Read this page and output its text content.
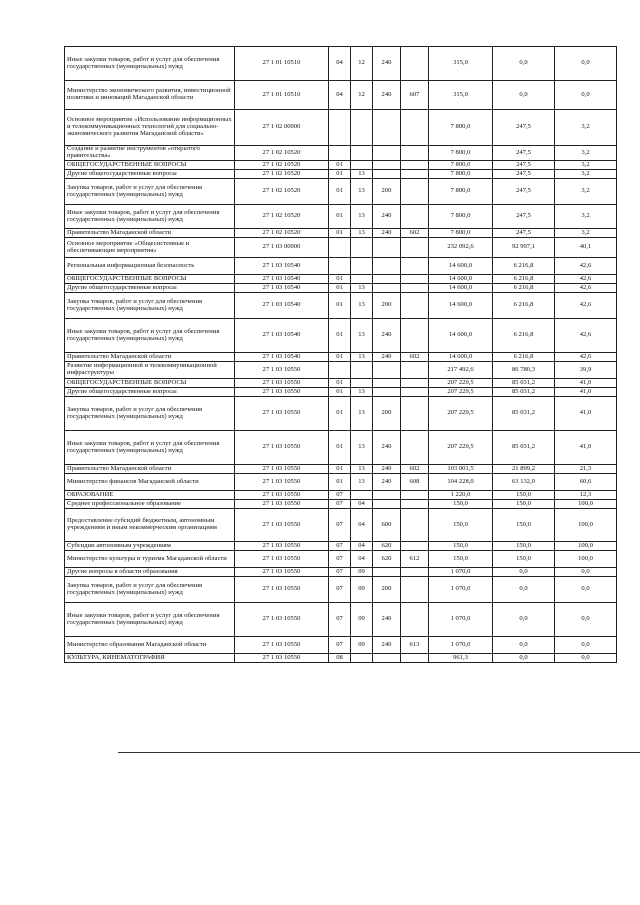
Иные закупки товаров, работ и услуг для обеспечения государственных (муниципальных) нужд	27 1 01 10510	04	12	240		315,0	0,0	0,0
Министерство экономического развития, инвестиционной политики и инноваций Магаданской области	27 1 01 10510	04	12	240	607	315,0	0,0	0,0
Основное мероприятие «Использование информационных и телекоммуникационных технологий для социально-экономического развития Магаданской области»	27 1 02 00000					7 800,0	247,5	3,2
Создание и развитие инструментов «открытого правительства»	27 1 02 10520					7 800,0	247,5	3,2
ОБЩЕГОСУДАРСТВЕННЫЕ ВОПРОСЫ	27 1 02 10520	01				7 800,0	247,5	3,2
Другие общегосударственные вопросы	27 1 02 10520	01	13			7 800,0	247,5	3,2
Закупка товаров, работ и услуг для обеспечения государственных (муниципальных) нужд	27 1 02 10520	01	13	200		7 800,0	247,5	3,2
Иные закупки товаров, работ и услуг для обеспечения государственных (муниципальных) нужд	27 1 02 10520	01	13	240		7 800,0	247,5	3,2
Правительство Магаданской области	27 1 02 10520	01	13	240	602	7 800,0	247,5	3,2
Основное мероприятие «Общесистемные и обеспечивающие мероприятия»	27 1 03 00000					232 092,6	92 997,1	40,1
Региональная информационная безопасность	27 1 03 10540					14 600,0	6 216,8	42,6
ОБЩЕГОСУДАРСТВЕННЫЕ ВОПРОСЫ	27 1 03 10540	01				14 600,0	6 216,8	42,6
Другие общегосударственные вопросы	27 1 03 10540	01	13			14 600,0	6 216,8	42,6
Закупка товаров, работ и услуг для обеспечения государственных (муниципальных) нужд	27 1 03 10540	01	13	200		14 600,0	6 216,8	42,6
Иные закупки товаров, работ и услуг для обеспечения государственных (муниципальных) нужд	27 1 03 10540	01	13	240		14 600,0	6 216,8	42,6
Правительство Магаданской области	27 1 03 10540	01	13	240	602	14 600,0	6 216,8	42,6
Развитие информационной и телекоммуникационной инфраструктуры	27 1 03 10550					217 492,6	86 780,3	39,9
ОБЩЕГОСУДАРСТВЕННЫЕ ВОПРОСЫ	27 1 03 10550	01				207 229,5	85 031,2	41,0
Другие общегосударственные вопросы	27 1 03 10550	01	13			207 229,5	85 031,2	41,0
Закупка товаров, работ и услуг для обеспечения государственных (муниципальных) нужд	27 1 03 10550	01	13	200		207 229,5	85 031,2	41,0
Иные закупки товаров, работ и услуг для обеспечения государственных (муниципальных) нужд	27 1 03 10550	01	13	240		207 229,5	85 031,2	41,0
Правительство Магаданской области	27 1 03 10550	01	13	240	602	103 001,5	21 899,2	21,3
Министерство финансов Магаданской области	27 1 03 10550	01	13	240	608	104 228,0	63 132,0	60,6
ОБРАЗОВАНИЕ	27 1 03 10550	07				1 220,0	150,0	12,3
Среднее профессиональное образование	27 1 03 10550	07	04			150,0	150,0	100,0
Предоставление субсидий бюджетным, автономным учреждениям и иным некоммерческим организациям	27 1 03 10550	07	04	600		150,0	150,0	100,0
Субсидии автономным учреждениям	27 1 03 10550	07	04	620		150,0	150,0	100,0
Министерство культуры и туризма Магаданской области	27 1 03 10550	07	04	620	612	150,0	150,0	100,0
Другие вопросы в области образования	27 1 03 10550	07	09			1 070,0	0,0	0,0
Закупка товаров, работ и услуг для обеспечения государственных (муниципальных) нужд	27 1 03 10550	07	09	200		1 070,0	0,0	0,0
Иные закупки товаров, работ и услуг для обеспечения государственных (муниципальных) нужд	27 1 03 10550	07	09	240		1 070,0	0,0	0,0
Министерство образования Магаданской области	27 1 03 10550	07	09	240	613	1 070,0	0,0	0,0
КУЛЬТУРА, КИНЕМАТОГРАФИЯ	27 1 03 10550	08				961,3	0,0	0,0
